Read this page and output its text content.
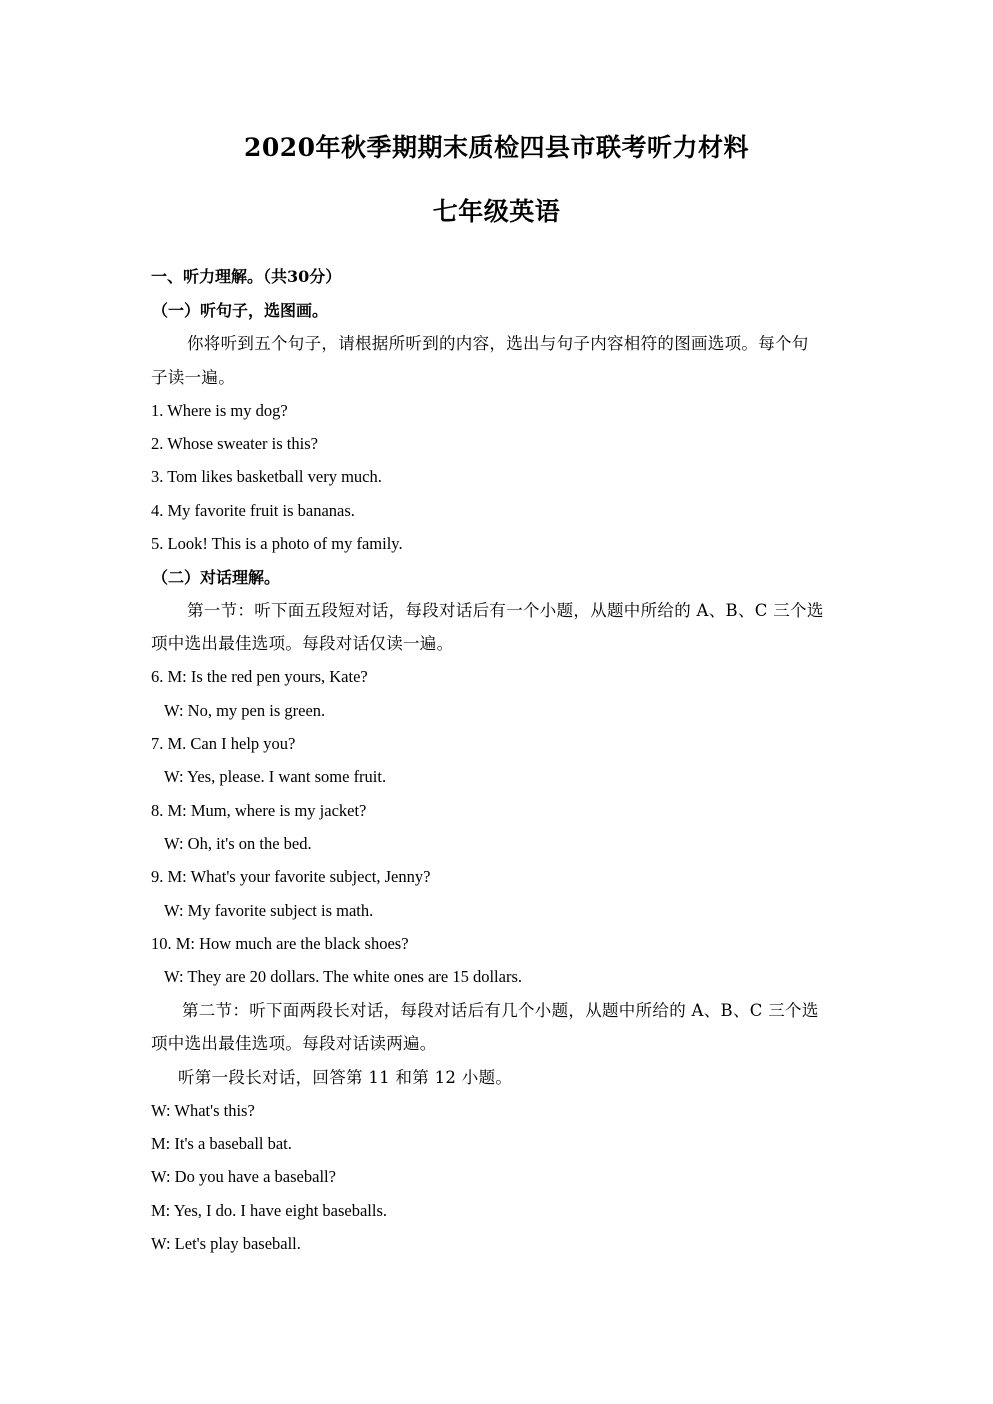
2020年秋季期期末质检四县市联考听力材料
七年级英语
一、听力理解。（共30分）
（一）听句子，选图画。
你将听到五个句子，请根据所听到的内容，选出与句子内容相符的图画选项。每个句
子读一遍。
1. Where is my dog?
2. Whose sweater is this?
3. Tom likes basketball very much.
4. My favorite fruit is bananas.
5. Look! This is a photo of my family.
（二）对话理解。
第一节：听下面五段短对话，每段对话后有一个小题，从题中所给的 A、B、C 三个选
项中选出最佳选项。每段对话仅读一遍。
6. M: Is the red pen yours, Kate?
W: No, my pen is green.
7. M. Can I help you?
W: Yes, please. I want some fruit.
8. M: Mum, where is my jacket?
W: Oh, it's on the bed.
9. M: What's your favorite subject, Jenny?
W: My favorite subject is math.
10. M: How much are the black shoes?
W: They are 20 dollars. The white ones are 15 dollars.
第二节：听下面两段长对话，每段对话后有几个小题，从题中所给的 A、B、C 三个选
项中选出最佳选项。每段对话读两遍。
听第一段长对话，回答第 11 和第 12 小题。
W: What's this?
M: It's a baseball bat.
W: Do you have a baseball?
M: Yes, I do. I have eight baseballs.
W: Let's play baseball.
